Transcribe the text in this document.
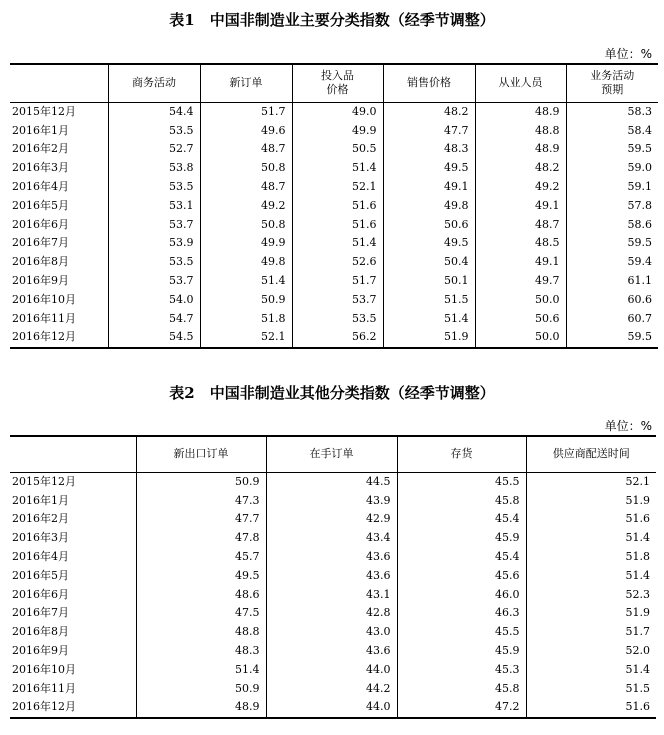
表1　中国非制造业主要分类指数（经季节调整）
单位：%
	商务活动	新订单	投入品价格	销售价格	从业人员	业务活动预期

2015年12月	54.4	51.7	49.0	48.2	48.9	58.3
2016年1月	53.5	49.6	49.9	47.7	48.8	58.4
2016年2月	52.7	48.7	50.5	48.3	48.9	59.5
2016年3月	53.8	50.8	51.4	49.5	48.2	59.0
2016年4月	53.5	48.7	52.1	49.1	49.2	59.1
2016年5月	53.1	49.2	51.6	49.8	49.1	57.8
2016年6月	53.7	50.8	51.6	50.6	48.7	58.6
2016年7月	53.9	49.9	51.4	49.5	48.5	59.5
2016年8月	53.5	49.8	52.6	50.4	49.1	59.4
2016年9月	53.7	51.4	51.7	50.1	49.7	61.1
2016年10月	54.0	50.9	53.7	51.5	50.0	60.6
2016年11月	54.7	51.8	53.5	51.4	50.6	60.7
2016年12月	54.5	52.1	56.2	51.9	50.0	59.5
表2　中国非制造业其他分类指数（经季节调整）
单位：%
	新出口订单	在手订单	存货	供应商配送时间
2015年12月	50.9	44.5	45.5	52.1
2016年1月	47.3	43.9	45.8	51.9
2016年2月	47.7	42.9	45.4	51.6
2016年3月	47.8	43.4	45.9	51.4
2016年4月	45.7	43.6	45.4	51.8
2016年5月	49.5	43.6	45.6	51.4
2016年6月	48.6	43.1	46.0	52.3
2016年7月	47.5	42.8	46.3	51.9
2016年8月	48.8	43.0	45.5	51.7
2016年9月	48.3	43.6	45.9	52.0
2016年10月	51.4	44.0	45.3	51.4
2016年11月	50.9	44.2	45.8	51.5
2016年12月	48.9	44.0	47.2	51.6
